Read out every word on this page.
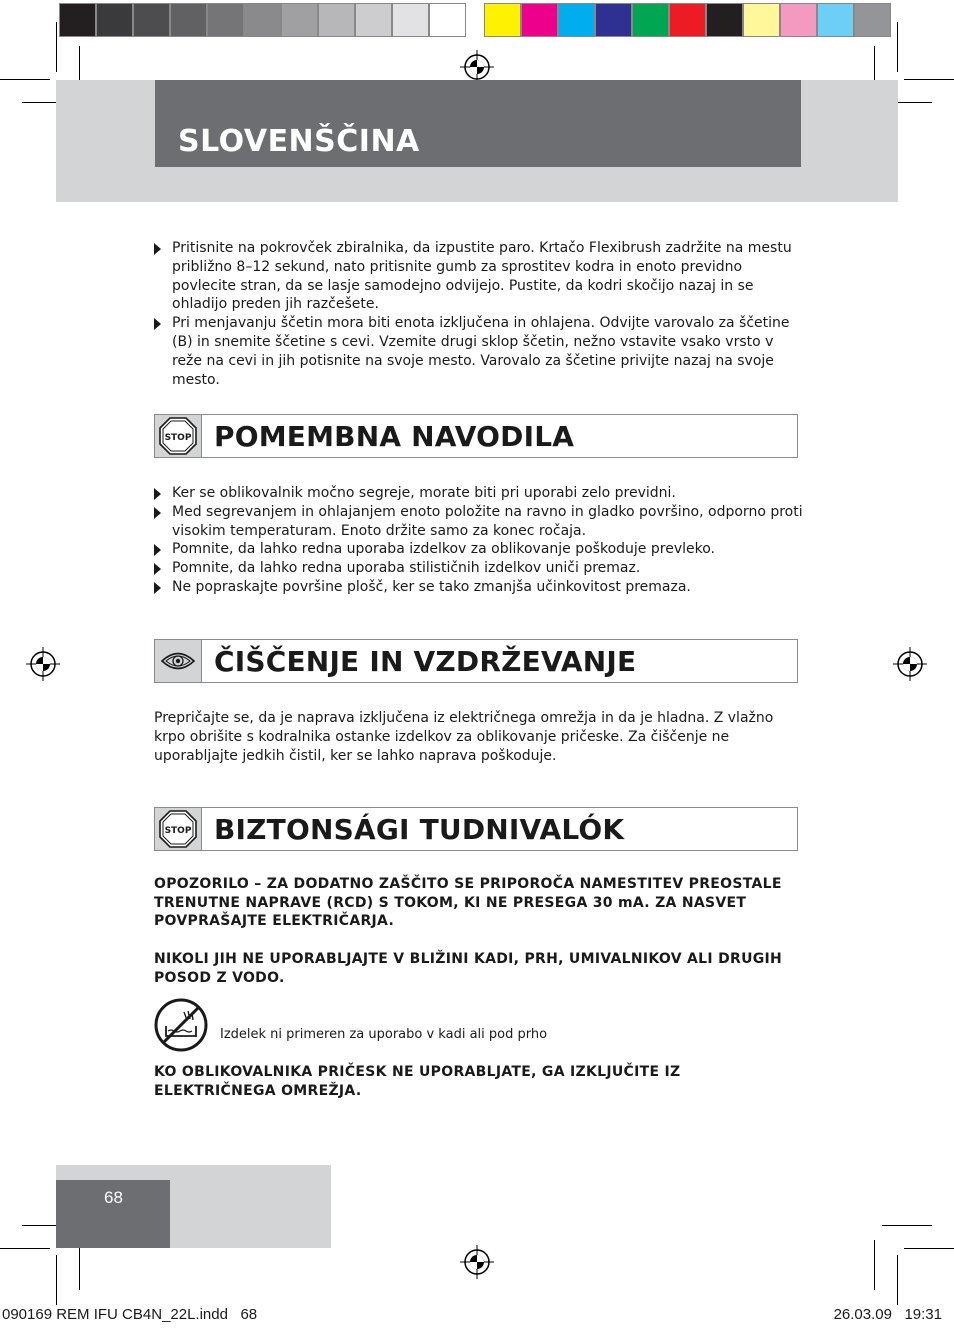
SLOVENŠČINA
Pritisnite na pokrovček zbiralnika, da izpustite paro. Krtačo Flexibrush zadržite na mestu približno 8–12 sekund, nato pritisnite gumb za sprostitev kodra in enoto previdno povlecite stran, da se lasje samodejno odvijejo. Pustite, da kodri skočijo nazaj in se ohladijo preden jih razčešete.
Pri menjavanju ščetin mora biti enota izključena in ohlajena. Odvijte varovalo za ščetine (B) in snemite ščetine s cevi. Vzemite drugi sklop ščetin, nežno vstavite vsako vrsto v reže na cevi in jih potisnite na svoje mesto. Varovalo za ščetine privijte nazaj na svoje mesto.
STOP POMEMBNA NAVODILA
Ker se oblikovalnik močno segreje, morate biti pri uporabi zelo previdni.
Med segrevanjem in ohlajanjem enoto položite na ravno in gladko površino, odporno proti visokim temperaturam. Enoto držite samo za konec ročaja.
Pomnite, da lahko redna uporaba izdelkov za oblikovanje poškoduje prevleko.
Pomnite, da lahko redna uporaba stilističnih izdelkov uniči premaz.
Ne popraskajte površine plošč, ker se tako zmanjša učinkovitost premaza.
ČIŠČENJE IN VZDRŽEVANJE
Prepričajte se, da je naprava izključena iz električnega omrežja in da je hladna. Z vlažno krpo obrišite s kodralnika ostanke izdelkov za oblikovanje pričeske. Za čiščenje ne uporabljajte jedkih čistil, ker se lahko naprava poškoduje.
STOP BIZTONSÁGI TUDNIVALÓK
OPOZORILO – ZA DODATNO ZAŠČITO SE PRIPOROČA NAMESTITEV PREOSTALE TRENUTNE NAPRAVE (RCD) S TOKOM, KI NE PRESEGA 30 mA. ZA NASVET POVPRAŠAJTE ELEKTRIČARJA.
NIKOLI JIH NE UPORABLJAJTE V BLIŽINI KADI, PRH, UMIVALNIKOV ALI DRUGIH POSOD Z VODO.
Izdelek ni primeren za uporabo v kadi ali pod prho
KO OBLIKOVALNIKA PRIČESK NE UPORABLJATE, GA IZKLJUČITE IZ ELEKTRIČNEGA OMREŽJA.
68
090169 REM IFU CB4N_22L.indd   68	26.03.09   19:31
